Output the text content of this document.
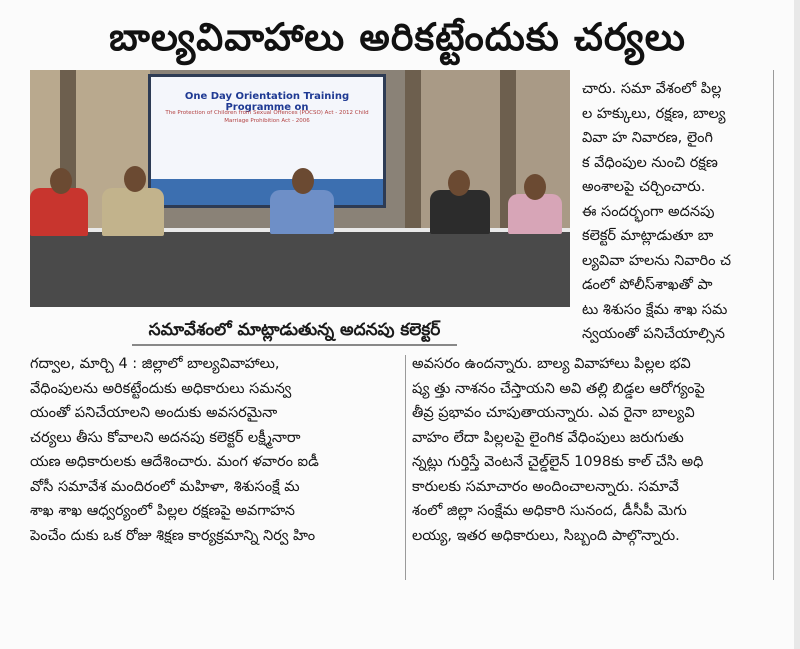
బాల్యవివాహాలు అరికట్టేందుకు చర్యలు
One Day Orientation Training Programme on
The Protection of Children from Sexual Offences (POCSO) Act - 2012 Child Marriage Prohibition Act - 2006
సమావేశంలో మాట్లాడుతున్న అదనపు కలెక్టర్
చారు. సమా వేశంలో పిల్ల
ల హక్కులు, రక్షణ, బాల్య
వివా హ నివారణ, లైంగి
క వేధింపుల నుంచి రక్షణ
అంశాలపై చర్చించారు.
ఈ సందర్భంగా అదనపు
కలెక్టర్ మాట్లాడుతూ బా
ల్యవివా హలను నివారిం చ
డంలో పోలీస్‌శాఖతో పా
టు శిశుసం క్షేమ శాఖ సమ
న్వయంతో పనిచేయాల్సిన
గద్వాల, మార్చి 4 : జిల్లాలో బాల్యవివాహాలు,
వేధింపులను అరికట్టేందుకు అధికారులు సమన్వ
యంతో పనిచేయాలని అందుకు అవసరమైనా
చర్యలు తీసు కోవాలని అదనపు కలెక్టర్ లక్ష్మీనారా
యణ అధికారులకు ఆదేశించారు. మంగ ళవారం ఐడీ
వోసీ సమావేశ మందిరంలో మహిళా, శిశుసంక్షే మ
శాఖ శాఖ ఆధ్వర్యంలో పిల్లల రక్షణపై అవగాహన
పెంచేం దుకు ఒక రోజు శిక్షణ కార్యక్రమాన్ని నిర్వ హిం
అవసరం ఉందన్నారు. బాల్య వివాహాలు పిల్లల భవి
ష్య త్తు నాశనం చేస్తాయని అవి తల్లి బిడ్డల ఆరోగ్యంపై
తీవ్ర ప్రభావం చూపుతాయన్నారు. ఎవ రైనా బాల్యవి
వాహం లేదా పిల్లలపై లైంగిక వేధింపులు జరుగుతు
న్నట్లు గుర్తిస్తే వెంటనే చైల్డ్‌లైన్ 1098కు కాల్ చేసి అధి
కారులకు సమాచారం అందించాలన్నారు. సమావే
శంలో జిల్లా సంక్షేమ అధికారి సునంద, డీసీపీ మెగు
లయ్య, ఇతర అధికారులు, సిబ్బంది పాల్గొన్నారు.
